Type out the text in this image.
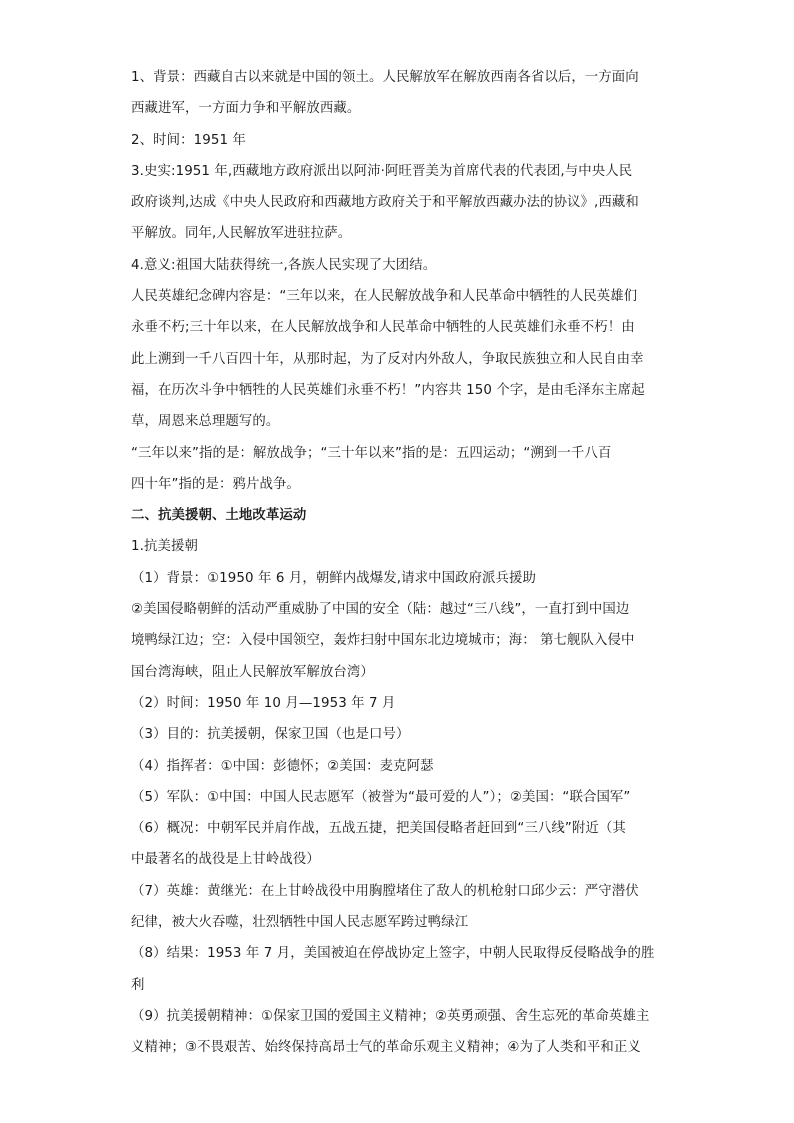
1、背景：西藏自古以来就是中国的领土。人民解放军在解放西南各省以后，一方面向

西藏进军，一方面力争和平解放西藏。

2、时间：1951 年

3.史实:1951 年,西藏地方政府派出以阿沛·阿旺晋美为首席代表的代表团,与中央人民

政府谈判,达成《中央人民政府和西藏地方政府关于和平解放西藏办法的协议》,西藏和

平解放。同年,人民解放军进驻拉萨。

4.意义:祖国大陆获得统一,各族人民实现了大团结。

人民英雄纪念碑内容是：“三年以来，在人民解放战争和人民革命中牺牲的人民英雄们

永垂不朽;三十年以来，在人民解放战争和人民革命中牺牲的人民英雄们永垂不朽！由

此上溯到一千八百四十年，从那时起，为了反对内外敌人，争取民族独立和人民自由幸

福，在历次斗争中牺牲的人民英雄们永垂不朽！”内容共 150 个字，是由毛泽东主席起

草，周恩来总理题写的。

“三年以来”指的是：解放战争；“三十年以来”指的是：五四运动；“溯到一千八百

四十年”指的是：鸦片战争。

二、抗美援朝、土地改革运动

1.抗美援朝

（1）背景：①1950 年 6 月，朝鲜内战爆发,请求中国政府派兵援助

②美国侵略朝鲜的活动严重威胁了中国的安全（陆：越过“三八线”，一直打到中国边

境鸭绿江边；空：入侵中国领空，轰炸扫射中国东北边境城市；海： 第七舰队入侵中

国台湾海峡，阻止人民解放军解放台湾）

（2）时间：1950 年 10 月—1953 年 7 月

（3）目的：抗美援朝，保家卫国（也是口号）

（4）指挥者：①中国：彭德怀；②美国：麦克阿瑟

（5）军队：①中国：中国人民志愿军（被誉为“最可爱的人”）；②美国：“联合国军”

（6）概况：中朝军民并肩作战，五战五捷，把美国侵略者赶回到“三八线”附近（其

中最著名的战役是上甘岭战役）

（7）英雄：黄继光：在上甘岭战役中用胸膛堵住了敌人的机枪射口邱少云：严守潜伏

纪律，被大火吞噬，壮烈牺牲中国人民志愿军跨过鸭绿江

（8）结果：1953 年 7 月，美国被迫在停战协定上签字，中朝人民取得反侵略战争的胜

利

（9）抗美援朝精神：①保家卫国的爱国主义精神；②英勇顽强、舍生忘死的革命英雄主

义精神；③不畏艰苦、始终保持高昂士气的革命乐观主义精神；④为了人类和平和正义
